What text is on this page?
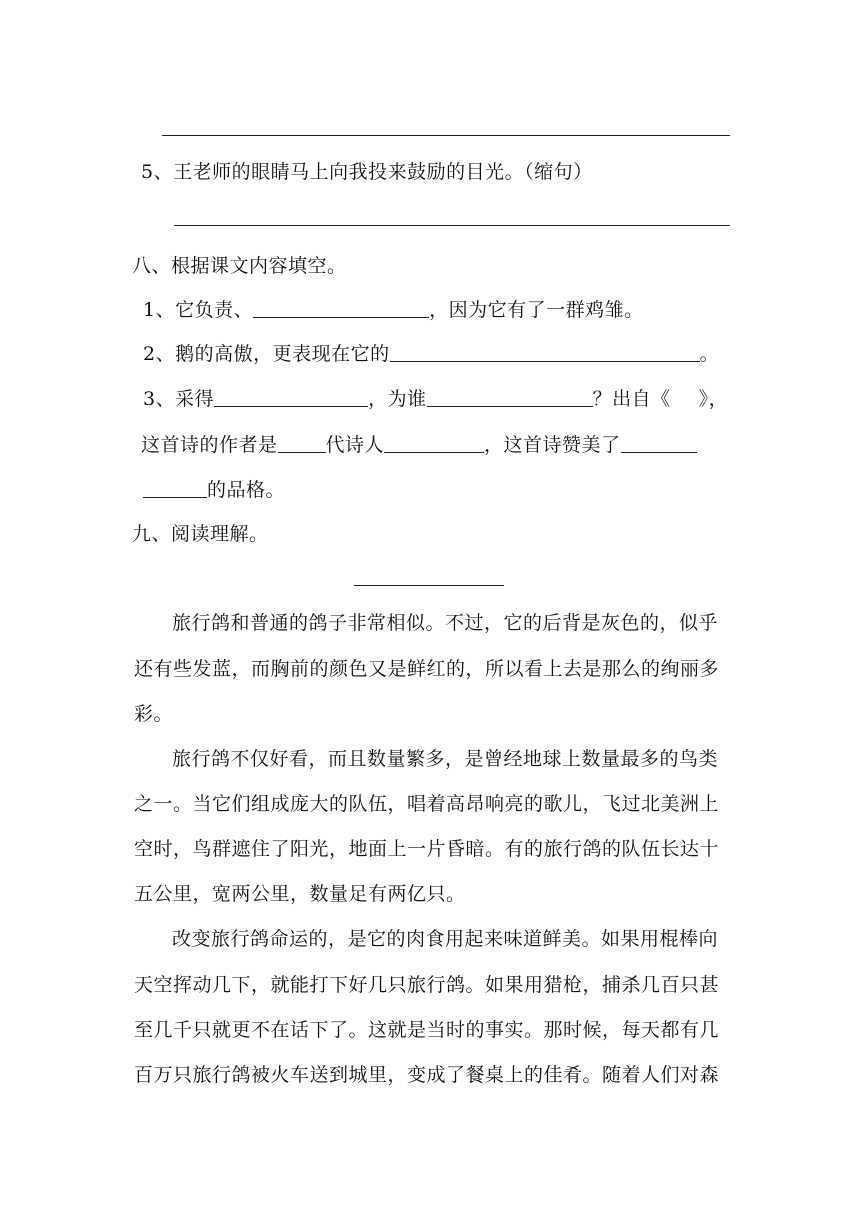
5、王老师的眼睛马上向我投来鼓励的目光。（缩句）
八、根据课文内容填空。
1、它负责、	，因为它有了一群鸡雏。
2、鹅的高傲，更表现在它的	。
3、采得	，为谁	？出自《 》，
这首诗的作者是	代诗人	，这首诗赞美了
的品格。
九、阅读理解。
旅行鸽和普通的鸽子非常相似。不过，它的后背是灰色的，似乎
还有些发蓝，而胸前的颜色又是鲜红的，所以看上去是那么的绚丽多
彩。
旅行鸽不仅好看，而且数量繁多，是曾经地球上数量最多的鸟类
之一。当它们组成庞大的队伍，唱着高昂响亮的歌儿，飞过北美洲上
空时，鸟群遮住了阳光，地面上一片昏暗。有的旅行鸽的队伍长达十
五公里，宽两公里，数量足有两亿只。
改变旅行鸽命运的，是它的肉食用起来味道鲜美。如果用棍棒向
天空挥动几下，就能打下好几只旅行鸽。如果用猎枪，捕杀几百只甚
至几千只就更不在话下了。这就是当时的事实。那时候，每天都有几
百万只旅行鸽被火车送到城里，变成了餐桌上的佳肴。随着人们对森
